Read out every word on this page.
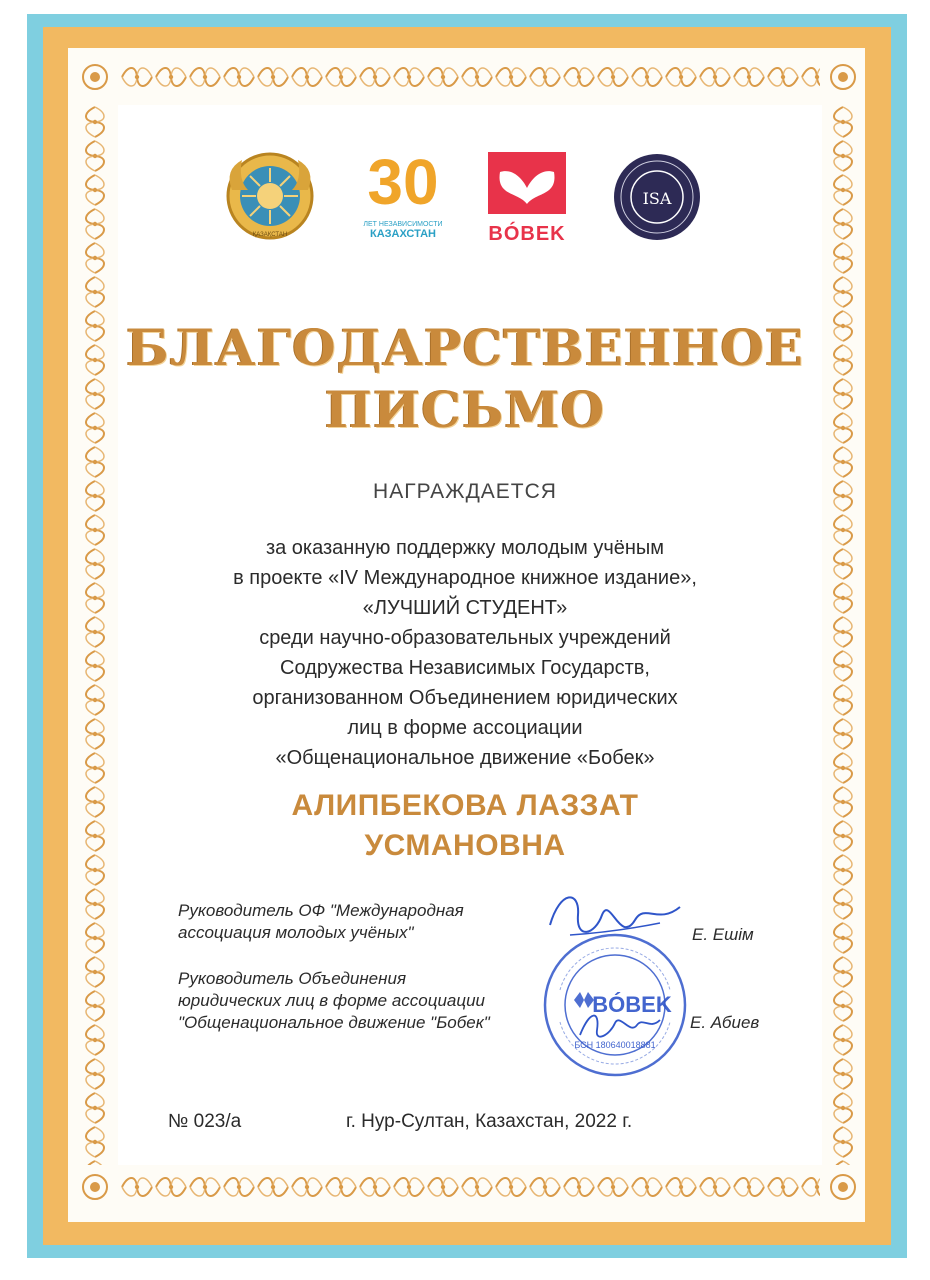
ҚАЗАҚСТАН
30
ЛЕТ НЕЗАВИСИМОСТИ
КАЗАХСТАН	BÓBEK
ISA
БЛАГОДАРСТВЕННОЕ
ПИСЬМО
НАГРАЖДАЕТСЯ
за оказанную поддержку молодым учёным
в проекте «IV Международное книжное издание»,
«ЛУЧШИЙ СТУДЕНТ»
среди научно-образовательных учреждений
Содружества Независимых Государств,
организованном Объединением юридических
лиц в форме ассоциации
«Общенациональное движение «Бобек»
АЛИПБЕКОВА ЛАЗЗАТ
УСМАНОВНА
Руководитель ОФ "Международная
ассоциация молодых учёных"	Е. Ешім
Руководитель Объединения
юридических лиц в форме ассоциации
"Общенациональное движение "Бобек"	Е. Абиев
BÓBEK
БСН 180640018881
№ 023/а	г. Нур-Султан, Казахстан, 2022 г.
